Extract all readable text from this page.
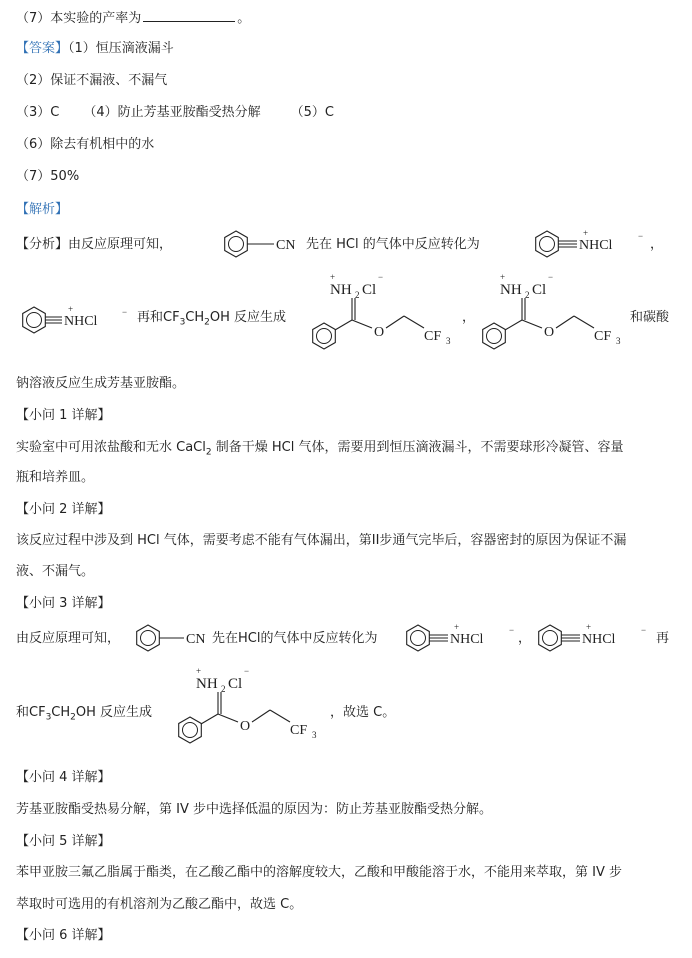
（7）本实验的产率为	。
【答案】（1）恒压滴液漏斗
（2）保证不漏液、不漏气
（3）C （4）防止芳基亚胺酯受热分解 （5）C
（6）除去有机相中的水
（7）50%
【解析】
【分析】由反应原理可知，	CN 先在 HCl 的气体中反应转化为	NHCl
+	−
，
NHCl
+	− 再和$CF_3CH_2OH$ 反应生成
NH 2 Cl
+	−
O	CF 3
，
NH 2 Cl
+	−
O	CF 3
和碳酸
钠溶液反应生成芳基亚胺酯。
【小问 1 详解】
实验室中可用浓盐酸和无水 CaCl$_2$ 制备干燥 HCl 气体，需要用到恒压滴液漏斗，不需要球形冷凝管、容量
瓶和培养皿。
【小问 2 详解】
该反应过程中涉及到 HCl 气体，需要考虑不能有气体漏出，第II步通气完毕后，容器密封的原因为保证不漏
液、不漏气。
【小问 3 详解】
由反应原理可知，	CN 先在HCl的气体中反应转化为	NHCl
+	−
，	NHCl
+	−
再
和$CF_3CH_2OH$ 反应生成
NH 2 Cl
+	−
O	CF 3
，故选 C。
【小问 4 详解】
芳基亚胺酯受热易分解，第 IV 步中选择低温的原因为：防止芳基亚胺酯受热分解。
【小问 5 详解】
苯甲亚胺三氟乙脂属于酯类，在乙酸乙酯中的溶解度较大，乙酸和甲酸能溶于水，不能用来萃取，第 IV 步
萃取时可选用的有机溶剂为乙酸乙酯中，故选 C。
【小问 6 详解】
